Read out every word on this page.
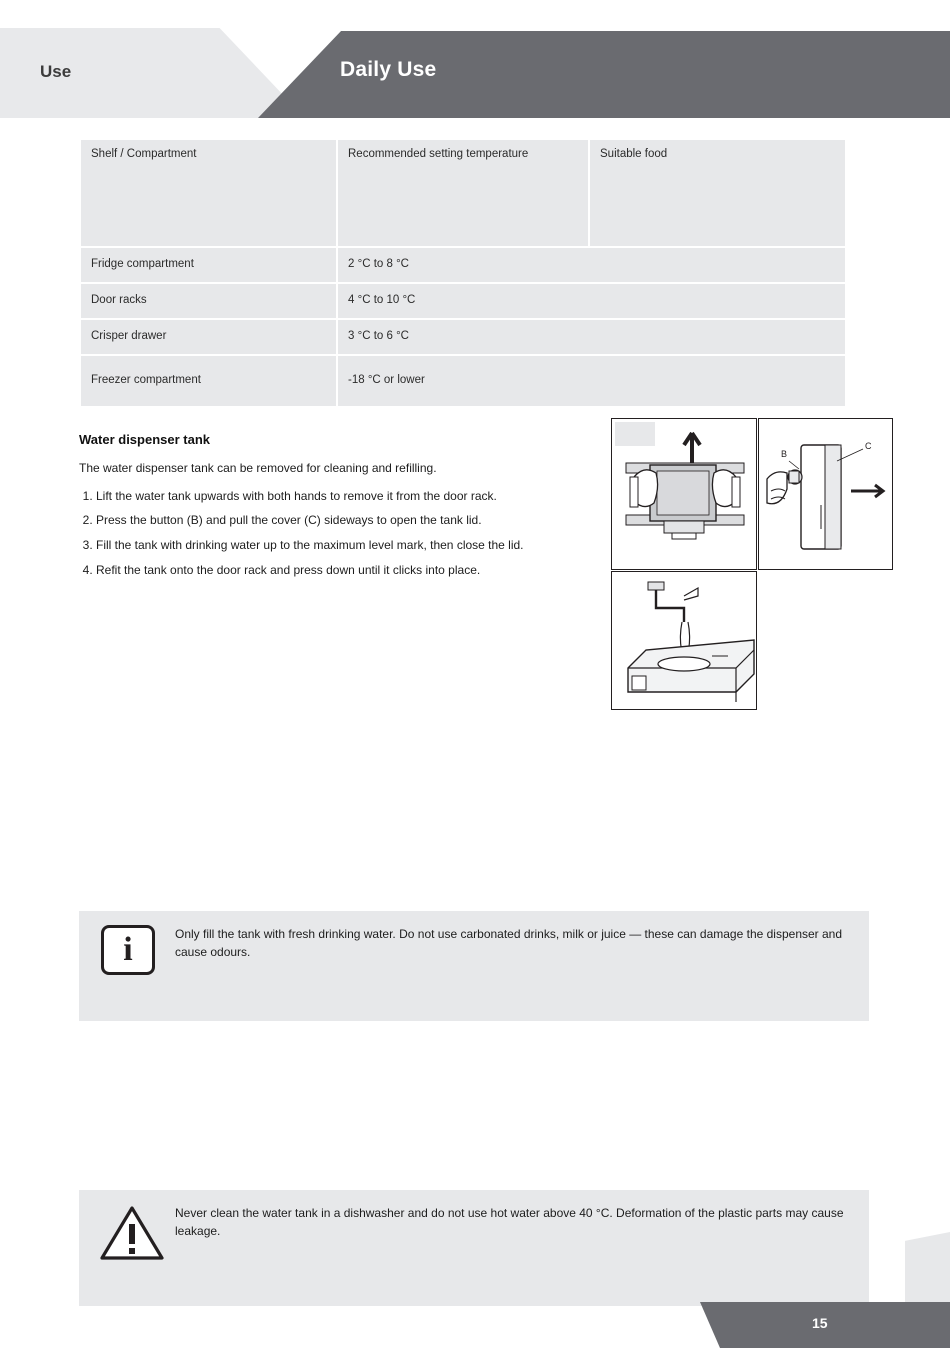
Use	Daily Use
Shelf / Compartment	Recommended setting temperature	Suitable food
Fridge compartment	2 °C to 8 °C	
Door racks	4 °C to 10 °C	
Crisper drawer	3 °C to 6 °C	
Freezer compartment	-18 °C or lower	

Water dispenser tank

The water dispenser tank can be removed for cleaning and refilling.

1. Lift the water tank upwards with both hands to remove it from the door rack.
2. Press the button (B) and pull the cover (C) sideways to open the tank lid.
3. Fill the tank with drinking water up to the maximum level mark, then close the lid.
4. Refit the tank onto the door rack and press down until it clicks into place.
B
C
i
Only fill the tank with fresh drinking water. Do not use carbonated drinks, milk or juice — these can damage the dispenser and cause odours.
Never clean the water tank in a dishwasher and do not use hot water above 40 °C. Deformation of the plastic parts may cause leakage.
15
